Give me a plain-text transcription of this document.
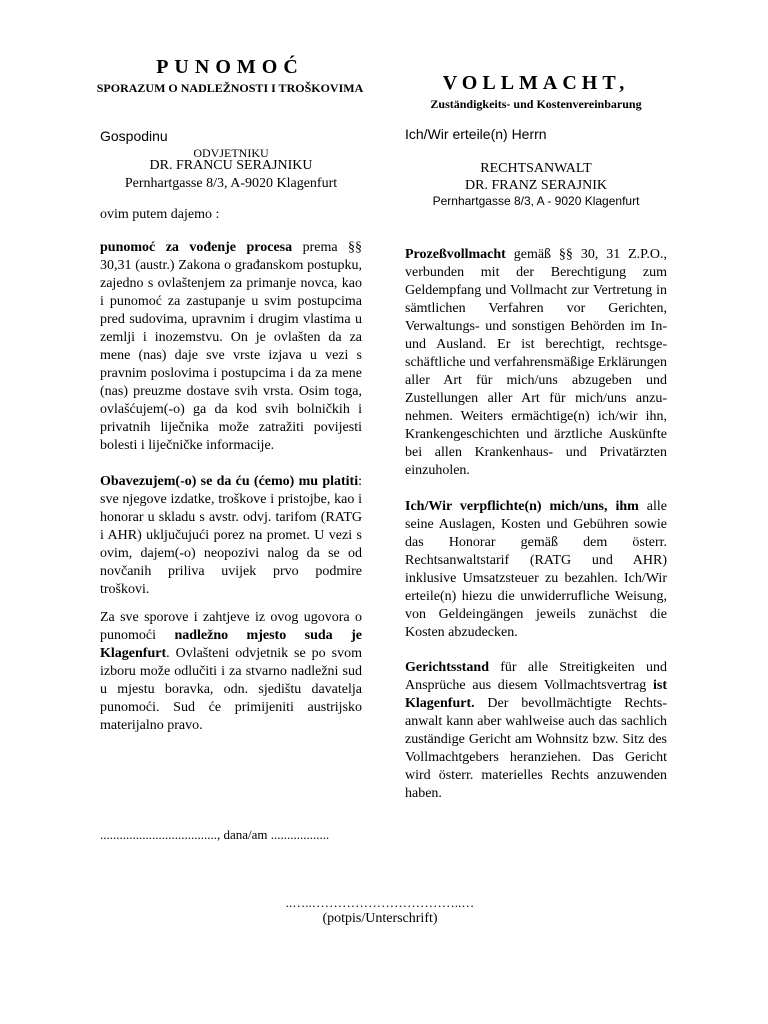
PUNOMOĆ
SPORAZUM O NADLEŽNOSTI I TROŠKOVIMA
Gospodinu
ODVJETNIKU
DR. FRANCU SERAJNIKU
Pernhartgasse 8/3, A-9020 Klagenfurt
ovim putem dajemo :
punomoć za vođenje procesa prema §§ 30,31 (austr.) Zakona o građanskom postupku, zajedno s ovlaštenjem za primanje novca, kao i punomoć za zastupanje u svim postupcima pred sudovima, upravnim i drugim vlastima u zemlji i inozemstvu. On je ovlašten da za mene (nas) daje sve vrste izjava u vezi s pravnim poslovima i postupcima i da za mene (nas) preuzme dostave svih vrsta. Osim toga, ovlašćujem(-o) ga da kod svih bolničkih i privatnih liječnika može zatražiti povijesti bolesti i liječničke informacije.
Obavezujem(-o) se da ću (ćemo) mu platiti: sve njegove izdatke, troškove i pristojbe, kao i honorar u skladu s avstr. odvj. tarifom (RATG i AHR) uključujući porez na promet. U vezi s ovim, dajem(-o) neopozivi nalog da se od novčanih priliva uvijek prvo podmire troškovi.
Za sve sporove i zahtjeve iz ovog ugovora o punomoći nadležno mjesto suda je Klagenfurt. Ovlašteni odvjetnik se po svom izboru može odlučiti i za stvarno nadležni sud u mjestu boravka, odn. sjedištu davatelja punomoći. Sud će primijeniti austrijsko materijalno pravo.
VOLLMACHT,
Zuständigkeits- und Kostenvereinbarung
Ich/Wir erteile(n) Herrn
RECHTSANWALT
DR. FRANZ SERAJNIK
Pernhartgasse 8/3, A - 9020 Klagenfurt
Prozeßvollmacht gemäß §§ 30, 31 Z.P.O., verbunden mit der Berechtigung zum Geldempfang und Vollmacht zur Vertretung in sämtlichen Verfahren vor Gerichten, Verwaltungs- und sonstigen Behörden im In- und Ausland. Er ist berechtigt, rechtsgeschäftliche und verfahrensmäßige Erklärungen aller Art für mich/uns abzugeben und Zustellungen aller Art für mich/uns anzunehmen. Weiters ermächtige(n) ich/wir ihn, Krankengeschichten und ärztliche Auskünfte bei allen Krankenhaus- und Privatärzten einzuholen.
Ich/Wir verpflichte(n) mich/uns, ihm alle seine Auslagen, Kosten und Gebühren sowie das Honorar gemäß dem österr. Rechtsanwaltstarif (RATG und AHR) inklusive Umsatzsteuer zu bezahlen. Ich/Wir erteile(n) hiezu die unwiderrufliche Weisung, von Geldeingängen jeweils zunächst die Kosten abzudecken.
Gerichtsstand für alle Streitigkeiten und Ansprüche aus diesem Vollmachtsvertrag ist Klagenfurt. Der bevollmächtigte Rechtsanwalt kann aber wahlweise auch das sachlich zuständige Gericht am Wohnsitz bzw. Sitz des Vollmachtgebers heranziehen. Das Gericht wird österr. materielles Rechts anzuwenden haben.
...................................., dana/am ..................
..…..……………………………..…
(potpis/Unterschrift)
